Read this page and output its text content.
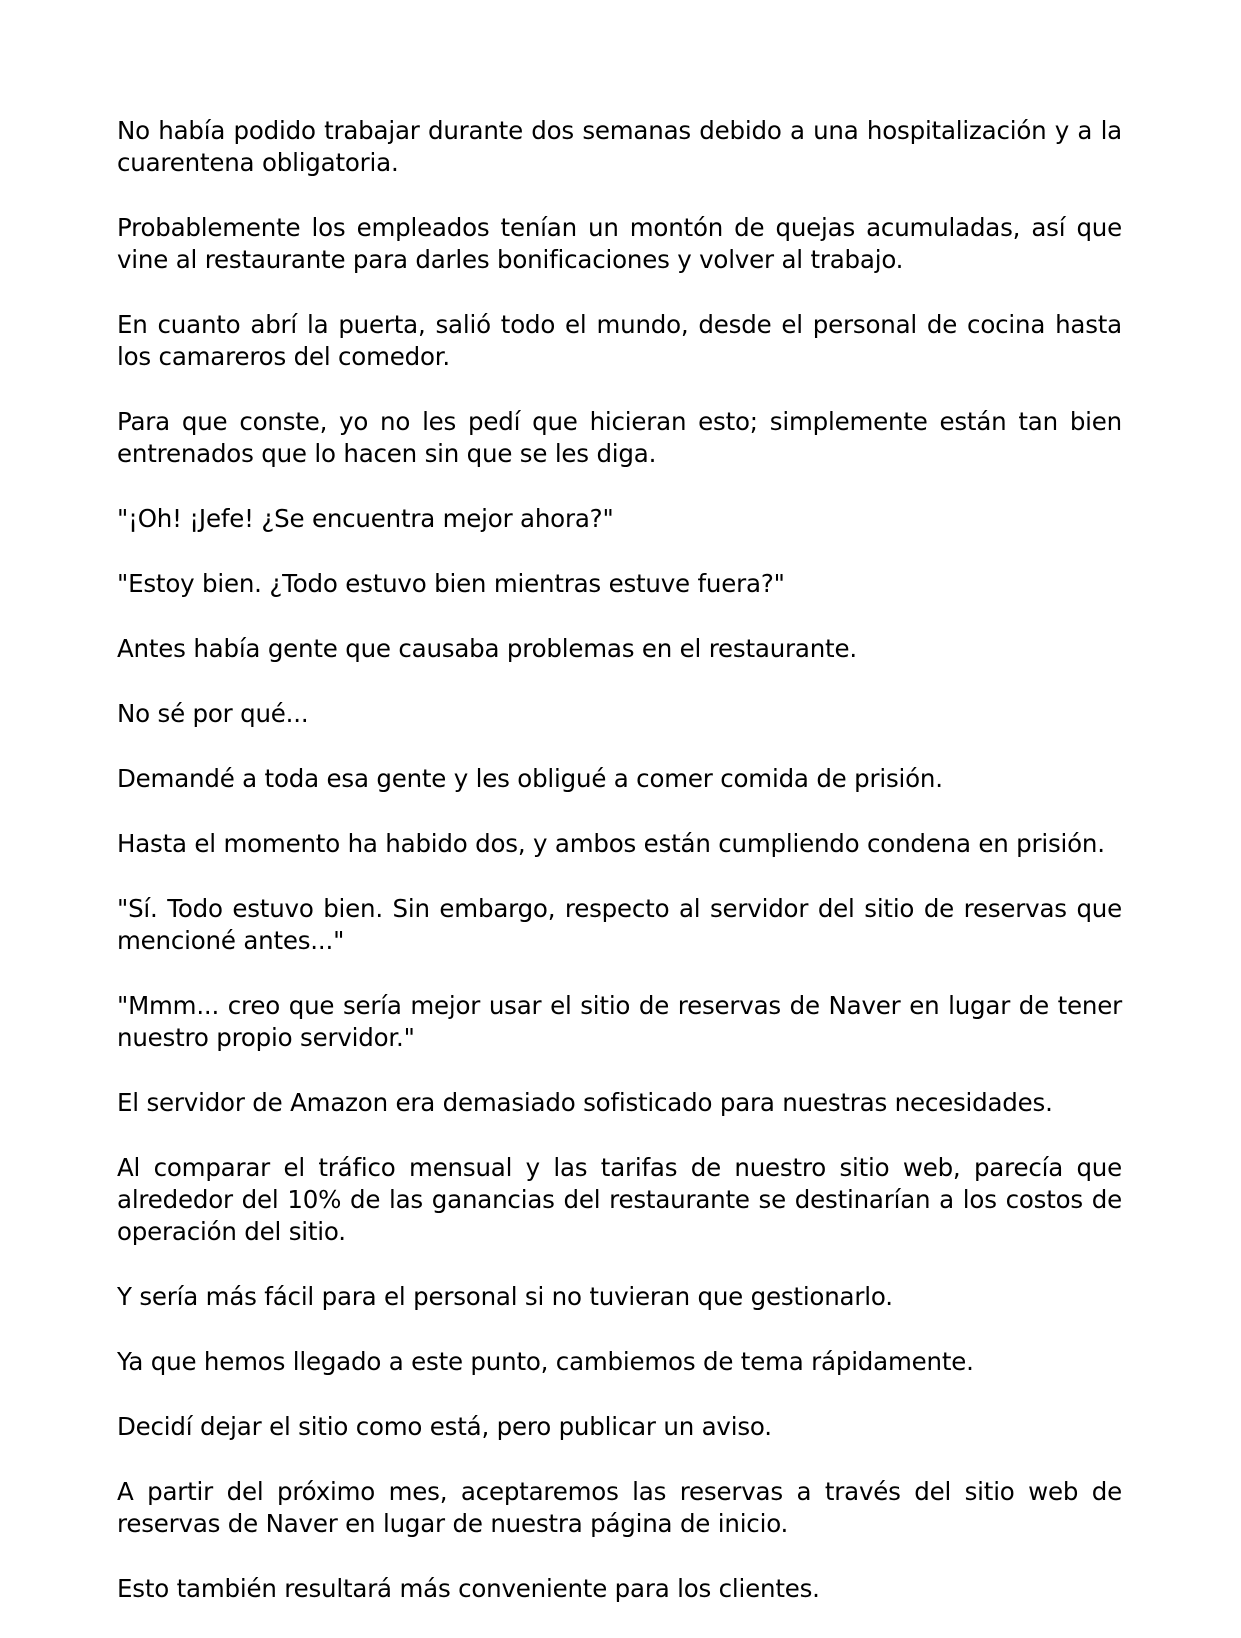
No había podido trabajar durante dos semanas debido a una hospitalización y a la cuarentena obligatoria.

Probablemente los empleados tenían un montón de quejas acumuladas, así que vine al restaurante para darles bonificaciones y volver al trabajo.

En cuanto abrí la puerta, salió todo el mundo, desde el personal de cocina hasta los camareros del comedor.

Para que conste, yo no les pedí que hicieran esto; simplemente están tan bien entrenados que lo hacen sin que se les diga.

"¡Oh! ¡Jefe! ¿Se encuentra mejor ahora?"

"Estoy bien. ¿Todo estuvo bien mientras estuve fuera?"

Antes había gente que causaba problemas en el restaurante.

No sé por qué...

Demandé a toda esa gente y les obligué a comer comida de prisión.

Hasta el momento ha habido dos, y ambos están cumpliendo condena en prisión.

"Sí. Todo estuvo bien. Sin embargo, respecto al servidor del sitio de reservas que mencioné antes..."

"Mmm... creo que sería mejor usar el sitio de reservas de Naver en lugar de tener nuestro propio servidor."

El servidor de Amazon era demasiado sofisticado para nuestras necesidades.

Al comparar el tráfico mensual y las tarifas de nuestro sitio web, parecía que alrededor del 10% de las ganancias del restaurante se destinarían a los costos de operación del sitio.

Y sería más fácil para el personal si no tuvieran que gestionarlo.

Ya que hemos llegado a este punto, cambiemos de tema rápidamente.

Decidí dejar el sitio como está, pero publicar un aviso.

A partir del próximo mes, aceptaremos las reservas a través del sitio web de reservas de Naver en lugar de nuestra página de inicio.

Esto también resultará más conveniente para los clientes.
